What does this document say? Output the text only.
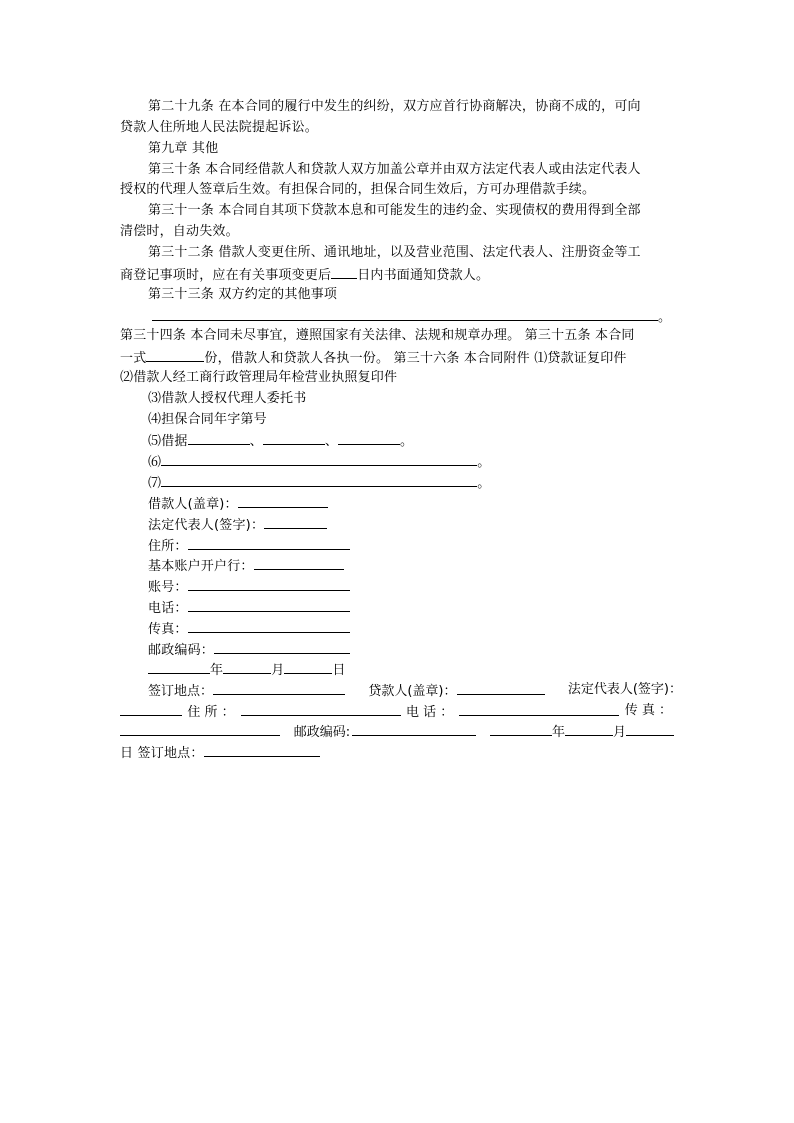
第二十九条 在本合同的履行中发生的纠纷，双方应首行协商解决，协商不成的，可向
贷款人住所地人民法院提起诉讼。
第九章 其他
第三十条 本合同经借款人和贷款人双方加盖公章并由双方法定代表人或由法定代表人
授权的代理人签章后生效。有担保合同的，担保合同生效后，方可办理借款手续。
第三十一条 本合同自其项下贷款本息和可能发生的违约金、实现债权的费用得到全部
清偿时，自动失效。
第三十二条 借款人变更住所、通讯地址，以及营业范围、法定代表人、注册资金等工
商登记事项时，应在有关事项变更后 日内书面通知贷款人。
第三十三条 双方约定的其他事项
。
第三十四条 本合同未尽事宜，遵照国家有关法律、法规和规章办理。 第三十五条 本合同
一式	份，借款人和贷款人各执一份。 第三十六条 本合同附件 ⑴贷款证复印件
⑵借款人经工商行政管理局年检营业执照复印件
⑶借款人授权代理人委托书
⑷担保合同年字第号
⑸借据	、	、	。
⑹	。
⑺	。
借款人(盖章)：
法定代表人(签字)：
住所：
基本账户开户行：
账号：
电话：
传真：
邮政编码：
年	月	日
签订地点：	贷款人(盖章)：	法定代表人(签字)：
住 所 ：	电 话 ：	传 真 ：
邮政编码:	年	月
日 签订地点：
